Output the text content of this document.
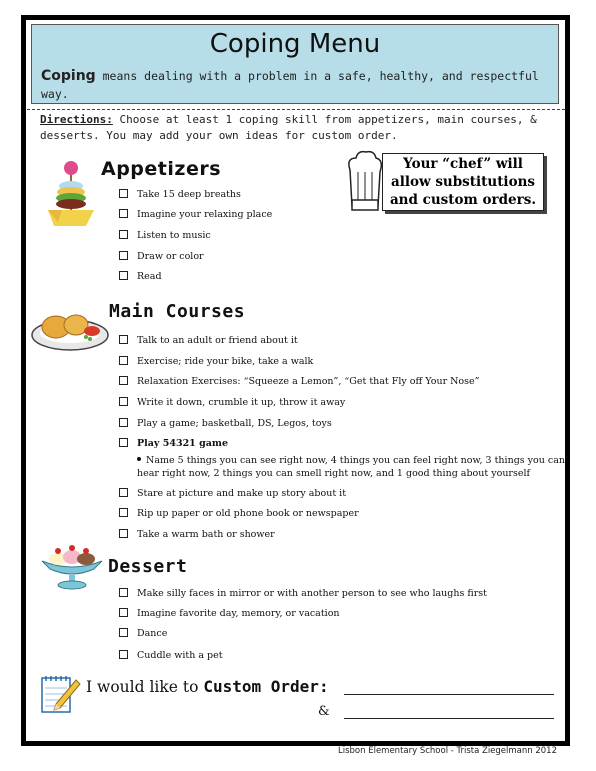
Coping Menu
Coping means dealing with a problem in a safe, healthy, and respectful way.
Directions: Choose at least 1 coping skill from appetizers, main courses, & desserts. You may add your own ideas for custom order.
Appetizers	Your “chef” will
allow substitutions
and custom orders.
Take 15 deep breaths
Imagine your relaxing place
Listen to music
Draw or color
Read
Main Courses
Talk to an adult or friend about it
Exercise; ride your bike, take a walk
Relaxation Exercises: “Squeeze a Lemon”, “Get that Fly off Your Nose”
Write it down, crumble it up, throw it away
Play a game; basketball, DS, Legos, toys
Play 54321 game
Name 5 things you can see right now, 4 things you can feel right now, 3 things you can hear right now, 2 things you can smell right now, and 1 good thing about yourself
Stare at picture and make up story about it
Rip up paper or old phone book or newspaper
Take a warm bath or shower
Dessert
Make silly faces in mirror or with another person to see who laughs first
Imagine favorite day, memory, or vacation
Dance
Cuddle with a pet
I would like to Custom Order:
&
Lisbon Elementary School - Trista Ziegelmann 2012
